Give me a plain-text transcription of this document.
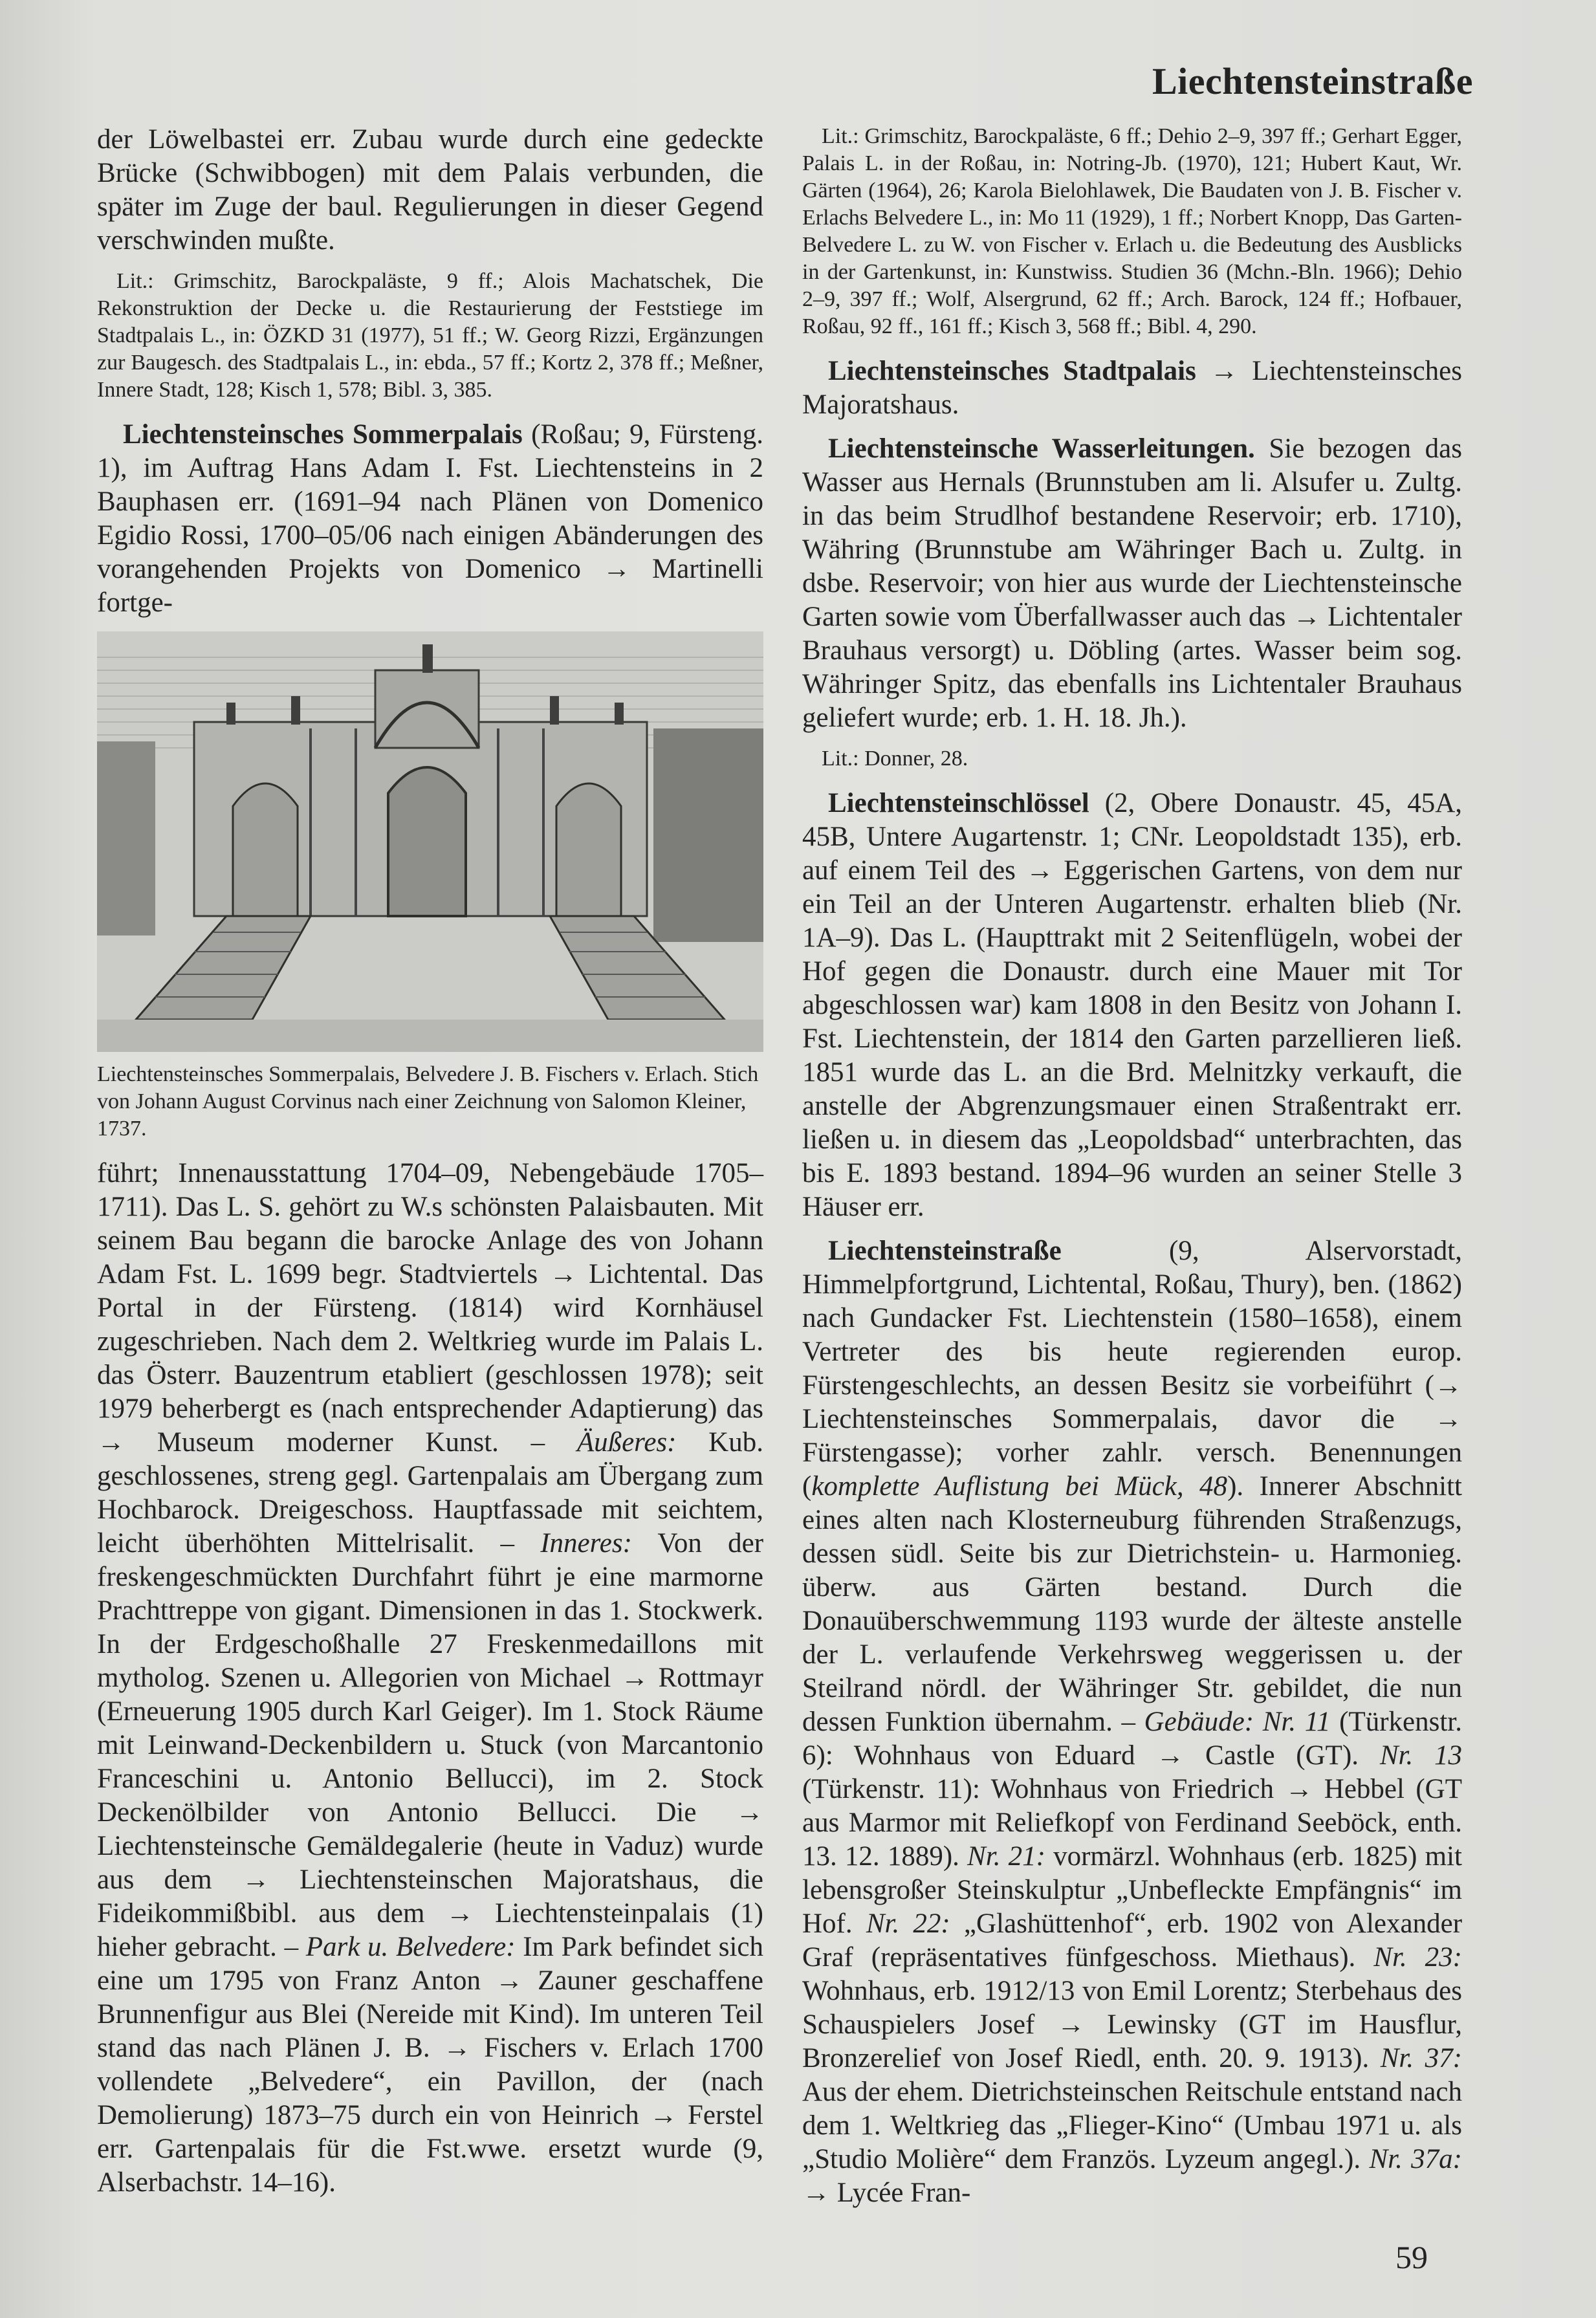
Liechtensteinstraße

der Löwelbastei err. Zubau wurde durch eine gedeckte Brücke (Schwibbogen) mit dem Palais verbunden, die später im Zuge der baul. Regulierungen in dieser Gegend verschwinden mußte.

Lit.: Grimschitz, Barockpaläste, 9 ff.; Alois Machatschek, Die Rekonstruktion der Decke u. die Restaurierung der Feststiege im Stadtpalais L., in: ÖZKD 31 (1977), 51 ff.; W. Georg Rizzi, Ergänzungen zur Baugesch. des Stadtpalais L., in: ebda., 57 ff.; Kortz 2, 378 ff.; Meßner, Innere Stadt, 128; Kisch 1, 578; Bibl. 3, 385.

Liechtensteinsches Sommerpalais (Roßau; 9, Fürsteng. 1), im Auftrag Hans Adam I. Fst. Liechtensteins in 2 Bauphasen err. (1691–94 nach Plänen von Domenico Egidio Rossi, 1700–05/06 nach einigen Abänderungen des vorangehenden Projekts von Domenico → Martinelli fortge-

Liechtensteinsches Sommerpalais, Belvedere J. B. Fischers v. Erlach. Stich von Johann August Corvinus nach einer Zeichnung von Salomon Kleiner, 1737.

führt; Innenausstattung 1704–09, Nebengebäude 1705–1711). Das L. S. gehört zu W.s schönsten Palaisbauten. Mit seinem Bau begann die barocke Anlage des von Johann Adam Fst. L. 1699 begr. Stadtviertels → Lichtental. Das Portal in der Fürsteng. (1814) wird Kornhäusel zugeschrieben. Nach dem 2. Weltkrieg wurde im Palais L. das Österr. Bauzentrum etabliert (geschlossen 1978); seit 1979 beherbergt es (nach entsprechender Adaptierung) das → Museum moderner Kunst. – Äußeres: Kub. geschlossenes, streng gegl. Gartenpalais am Übergang zum Hochbarock. Dreigeschoss. Hauptfassade mit seichtem, leicht überhöhten Mittelrisalit. – Inneres: Von der freskengeschmückten Durchfahrt führt je eine marmorne Prachttreppe von gigant. Dimensionen in das 1. Stockwerk. In der Erdgeschoßhalle 27 Freskenmedaillons mit mytholog. Szenen u. Allegorien von Michael → Rottmayr (Erneuerung 1905 durch Karl Geiger). Im 1. Stock Räume mit Leinwand-Deckenbildern u. Stuck (von Marcantonio Franceschini u. Antonio Bellucci), im 2. Stock Deckenölbilder von Antonio Bellucci. Die → Liechtensteinsche Gemäldegalerie (heute in Vaduz) wurde aus dem → Liechtensteinschen Majoratshaus, die Fideikommißbibl. aus dem → Liechtensteinpalais (1) hieher gebracht. – Park u. Belvedere: Im Park befindet sich eine um 1795 von Franz Anton → Zauner geschaffene Brunnenfigur aus Blei (Nereide mit Kind). Im unteren Teil stand das nach Plänen J. B. → Fischers v. Erlach 1700 vollendete „Belvedere“, ein Pavillon, der (nach Demolierung) 1873–75 durch ein von Heinrich → Ferstel err. Gartenpalais für die Fst.wwe. ersetzt wurde (9, Alserbachstr. 14–16).

Lit.: Grimschitz, Barockpaläste, 6 ff.; Dehio 2–9, 397 ff.; Gerhart Egger, Palais L. in der Roßau, in: Notring-Jb. (1970), 121; Hubert Kaut, Wr. Gärten (1964), 26; Karola Bielohlawek, Die Baudaten von J. B. Fischer v. Erlachs Belvedere L., in: Mo 11 (1929), 1 ff.; Norbert Knopp, Das Garten-Belvedere L. zu W. von Fischer v. Erlach u. die Bedeutung des Ausblicks in der Gartenkunst, in: Kunstwiss. Studien 36 (Mchn.-Bln. 1966); Dehio 2–9, 397 ff.; Wolf, Alsergrund, 62 ff.; Arch. Barock, 124 ff.; Hofbauer, Roßau, 92 ff., 161 ff.; Kisch 3, 568 ff.; Bibl. 4, 290.

Liechtensteinsches Stadtpalais → Liechtensteinsches Majoratshaus.

Liechtensteinsche Wasserleitungen. Sie bezogen das Wasser aus Hernals (Brunnstuben am li. Alsufer u. Zultg. in das beim Strudlhof bestandene Reservoir; erb. 1710), Währing (Brunnstube am Währinger Bach u. Zultg. in dsbe. Reservoir; von hier aus wurde der Liechtensteinsche Garten sowie vom Überfallwasser auch das → Lichtentaler Brauhaus versorgt) u. Döbling (artes. Wasser beim sog. Währinger Spitz, das ebenfalls ins Lichtentaler Brauhaus geliefert wurde; erb. 1. H. 18. Jh.).

Lit.: Donner, 28.

Liechtensteinschlössel (2, Obere Donaustr. 45, 45A, 45B, Untere Augartenstr. 1; CNr. Leopoldstadt 135), erb. auf einem Teil des → Eggerischen Gartens, von dem nur ein Teil an der Unteren Augartenstr. erhalten blieb (Nr. 1A–9). Das L. (Haupttrakt mit 2 Seitenflügeln, wobei der Hof gegen die Donaustr. durch eine Mauer mit Tor abgeschlossen war) kam 1808 in den Besitz von Johann I. Fst. Liechtenstein, der 1814 den Garten parzellieren ließ. 1851 wurde das L. an die Brd. Melnitzky verkauft, die anstelle der Abgrenzungsmauer einen Straßentrakt err. ließen u. in diesem das „Leopoldsbad“ unterbrachten, das bis E. 1893 bestand. 1894–96 wurden an seiner Stelle 3 Häuser err.

Liechtensteinstraße (9, Alservorstadt, Himmelpfortgrund, Lichtental, Roßau, Thury), ben. (1862) nach Gundacker Fst. Liechtenstein (1580–1658), einem Vertreter des bis heute regierenden europ. Fürstengeschlechts, an dessen Besitz sie vorbeiführt (→ Liechtensteinsches Sommerpalais, davor die → Fürstengasse); vorher zahlr. versch. Benennungen (komplette Auflistung bei Mück, 48). Innerer Abschnitt eines alten nach Klosterneuburg führenden Straßenzugs, dessen südl. Seite bis zur Dietrichstein- u. Harmonieg. überw. aus Gärten bestand. Durch die Donauüberschwemmung 1193 wurde der älteste anstelle der L. verlaufende Verkehrsweg weggerissen u. der Steilrand nördl. der Währinger Str. gebildet, die nun dessen Funktion übernahm. – Gebäude: Nr. 11 (Türkenstr. 6): Wohnhaus von Eduard → Castle (GT). Nr. 13 (Türkenstr. 11): Wohnhaus von Friedrich → Hebbel (GT aus Marmor mit Reliefkopf von Ferdinand Seeböck, enth. 13. 12. 1889). Nr. 21: vormärzl. Wohnhaus (erb. 1825) mit lebensgroßer Steinskulptur „Unbefleckte Empfängnis“ im Hof. Nr. 22: „Glashüttenhof“, erb. 1902 von Alexander Graf (repräsentatives fünfgeschoss. Miethaus). Nr. 23: Wohnhaus, erb. 1912/13 von Emil Lorentz; Sterbehaus des Schauspielers Josef → Lewinsky (GT im Hausflur, Bronzerelief von Josef Riedl, enth. 20. 9. 1913). Nr. 37: Aus der ehem. Dietrichsteinschen Reitschule entstand nach dem 1. Weltkrieg das „Flieger-Kino“ (Umbau 1971 u. als „Studio Molière“ dem Französ. Lyzeum angegl.). Nr. 37a: → Lycée Fran-

59
